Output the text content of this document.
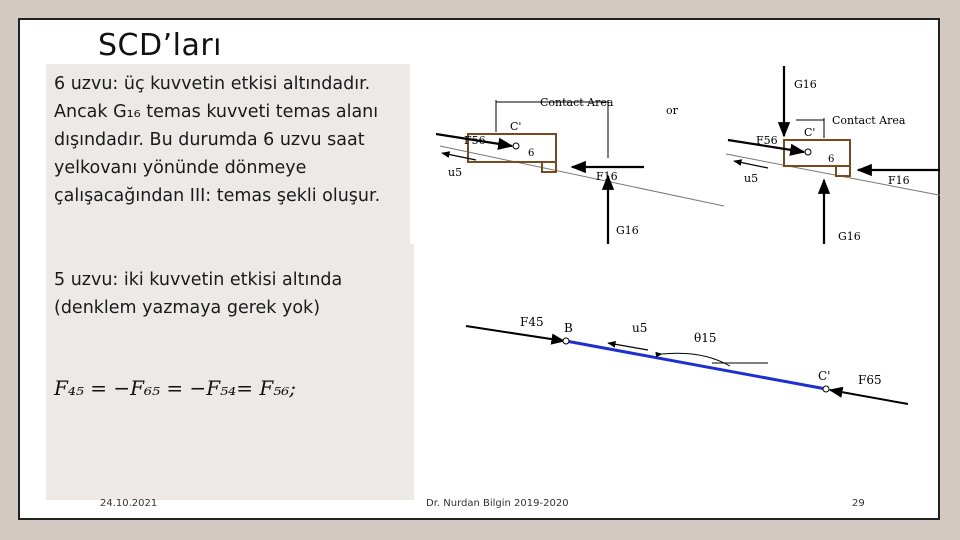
SCD’ları
6 uzvu: üç kuvvetin etkisi altındadır. Ancak G₁₆ temas kuvveti temas alanı dışındadır. Bu durumda 6 uzvu saat yelkovanı yönünde dönmeye çalışacağından III: temas şekli oluşur.
5 uzvu: iki kuvvetin etkisi altında
(denklem yazmaya gerek yok)
F₄₅ = −F₆₅ = −F₅₄= F₅₆;
Contact Area
or
F56
C'
u5
6
F16
G16
G16
Contact Area
F56
C'
u5
6
F16
G16
F45 B	u5
θ15
C' F65
24.10.2021	Dr. Nurdan Bilgin 2019-2020	29
